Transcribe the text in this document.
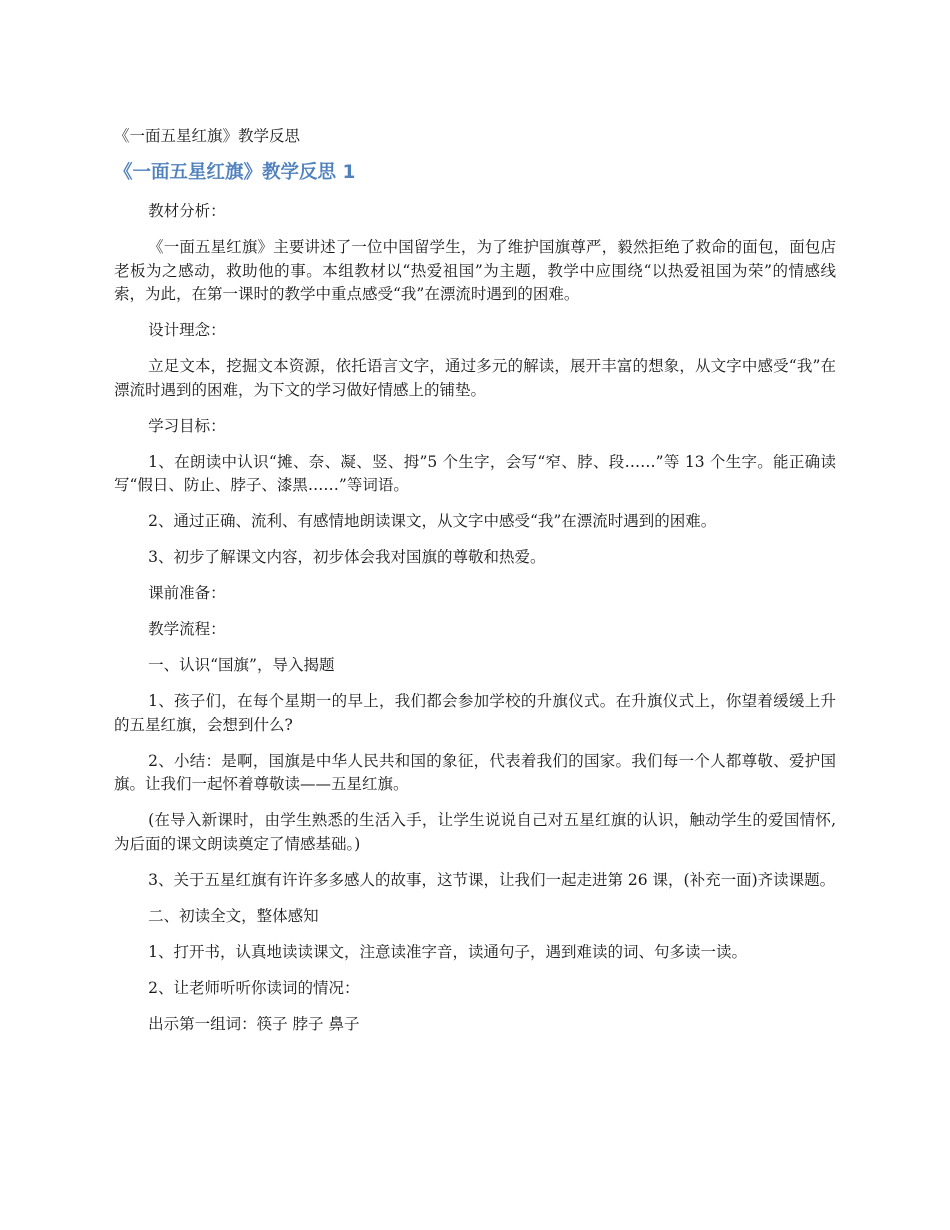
《一面五星红旗》教学反思
《一面五星红旗》教学反思 1

教材分析：

《一面五星红旗》主要讲述了一位中国留学生，为了维护国旗尊严，毅然拒绝了救命的面包，面包店老板为之感动，救助他的事。本组教材以“热爱祖国”为主题，教学中应围绕“以热爱祖国为荣”的情感线索，为此，在第一课时的教学中重点感受“我”在漂流时遇到的困难。

设计理念：

立足文本，挖掘文本资源，依托语言文字，通过多元的解读，展开丰富的想象，从文字中感受“我”在漂流时遇到的困难，为下文的学习做好情感上的铺垫。

学习目标：

1、在朗读中认识“摊、奈、凝、竖、拇”5 个生字，会写“窄、脖、段……”等 13 个生字。能正确读写“假日、防止、脖子、漆黑……”等词语。

2、通过正确、流利、有感情地朗读课文，从文字中感受“我”在漂流时遇到的困难。

3、初步了解课文内容，初步体会我对国旗的尊敬和热爱。

课前准备：

教学流程：

一、认识“国旗”，导入揭题

1、孩子们，在每个星期一的早上，我们都会参加学校的升旗仪式。在升旗仪式上，你望着缓缓上升的五星红旗，会想到什么?

2、小结：是啊，国旗是中华人民共和国的象征，代表着我们的国家。我们每一个人都尊敬、爱护国旗。让我们一起怀着尊敬读——五星红旗。

(在导入新课时，由学生熟悉的生活入手，让学生说说自己对五星红旗的认识，触动学生的爱国情怀,为后面的课文朗读奠定了情感基础。)

3、关于五星红旗有许许多多感人的故事，这节课，让我们一起走进第 26 课，(补充一面)齐读课题。

二、初读全文，整体感知

1、打开书，认真地读读课文，注意读准字音，读通句子，遇到难读的词、句多读一读。

2、让老师听听你读词的情况：

出示第一组词：筷子 脖子 鼻子
